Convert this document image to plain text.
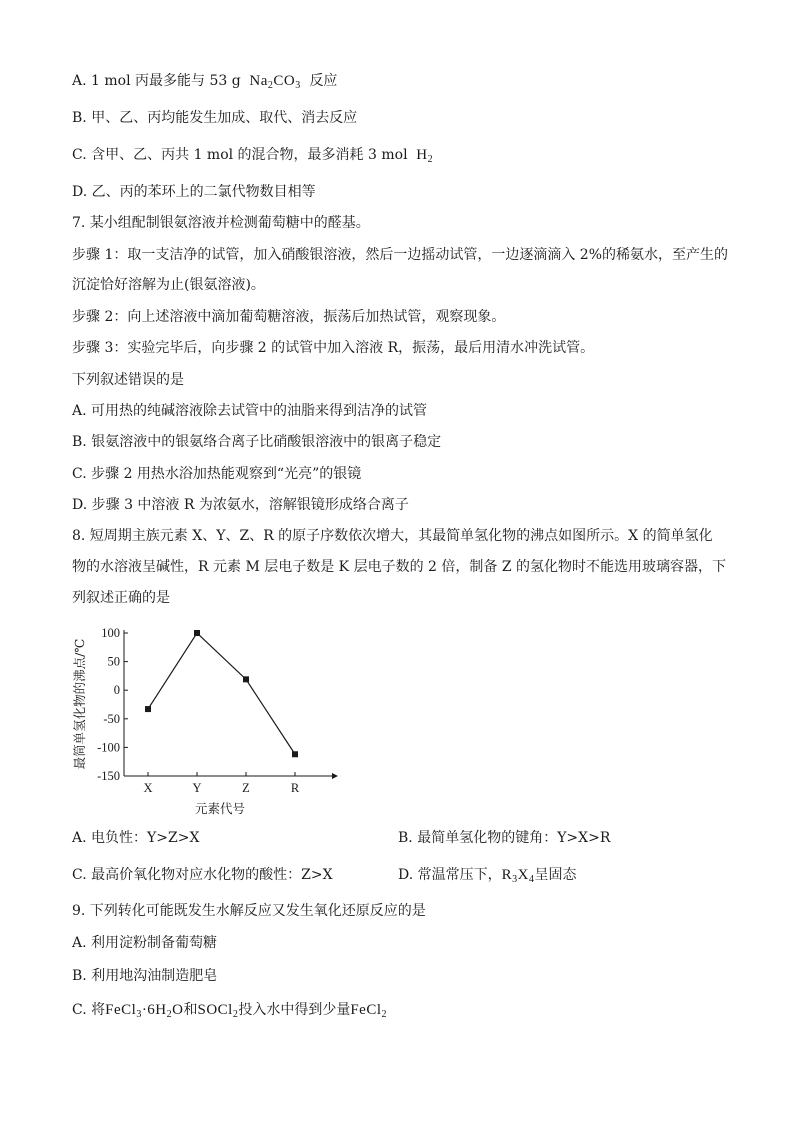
A. 1 mol 丙最多能与 53 g $Na_2CO_3$ 反应
B. 甲、乙、丙均能发生加成、取代、消去反应
C. 含甲、乙、丙共 1 mol 的混合物，最多消耗 3 mol $H_2$
D. 乙、丙的苯环上的二氯代物数目相等
7. 某小组配制银氨溶液并检测葡萄糖中的醛基。
步骤 1：取一支洁净的试管，加入硝酸银溶液，然后一边摇动试管，一边逐滴滴入 2%的稀氨水，至产生的
沉淀恰好溶解为止(银氨溶液)。
步骤 2：向上述溶液中滴加葡萄糖溶液，振荡后加热试管，观察现象。
步骤 3：实验完毕后，向步骤 2 的试管中加入溶液 R，振荡，最后用清水冲洗试管。
下列叙述错误的是
A. 可用热的纯碱溶液除去试管中的油脂来得到洁净的试管
B. 银氨溶液中的银氨络合离子比硝酸银溶液中的银离子稳定
C. 步骤 2 用热水浴加热能观察到“光亮”的银镜
D. 步骤 3 中溶液 R 为浓氨水，溶解银镜形成络合离子
8. 短周期主族元素 X、Y、Z、R 的原子序数依次增大，其最简单氢化物的沸点如图所示。X 的简单氢化
物的水溶液呈碱性，R 元素 M 层电子数是 K 层电子数的 2 倍，制备 Z 的氢化物时不能选用玻璃容器，下
列叙述正确的是
100
50
0
-50
-100
-150
X	Y	Z	R
最简单氢化物的沸点/℃
元素代号
A. 电负性：Y>Z>X	B. 最简单氢化物的键角：Y>X>R
C. 最高价氧化物对应水化物的酸性：Z>X	D. 常温常压下，$R_3X_4$呈固态
9. 下列转化可能既发生水解反应又发生氧化还原反应的是
A. 利用淀粉制备葡萄糖
B. 利用地沟油制造肥皂
C. 将$FeCl_3\cdot 6H_2O$和SOCl$_2$投入水中得到少量FeCl$_2$
